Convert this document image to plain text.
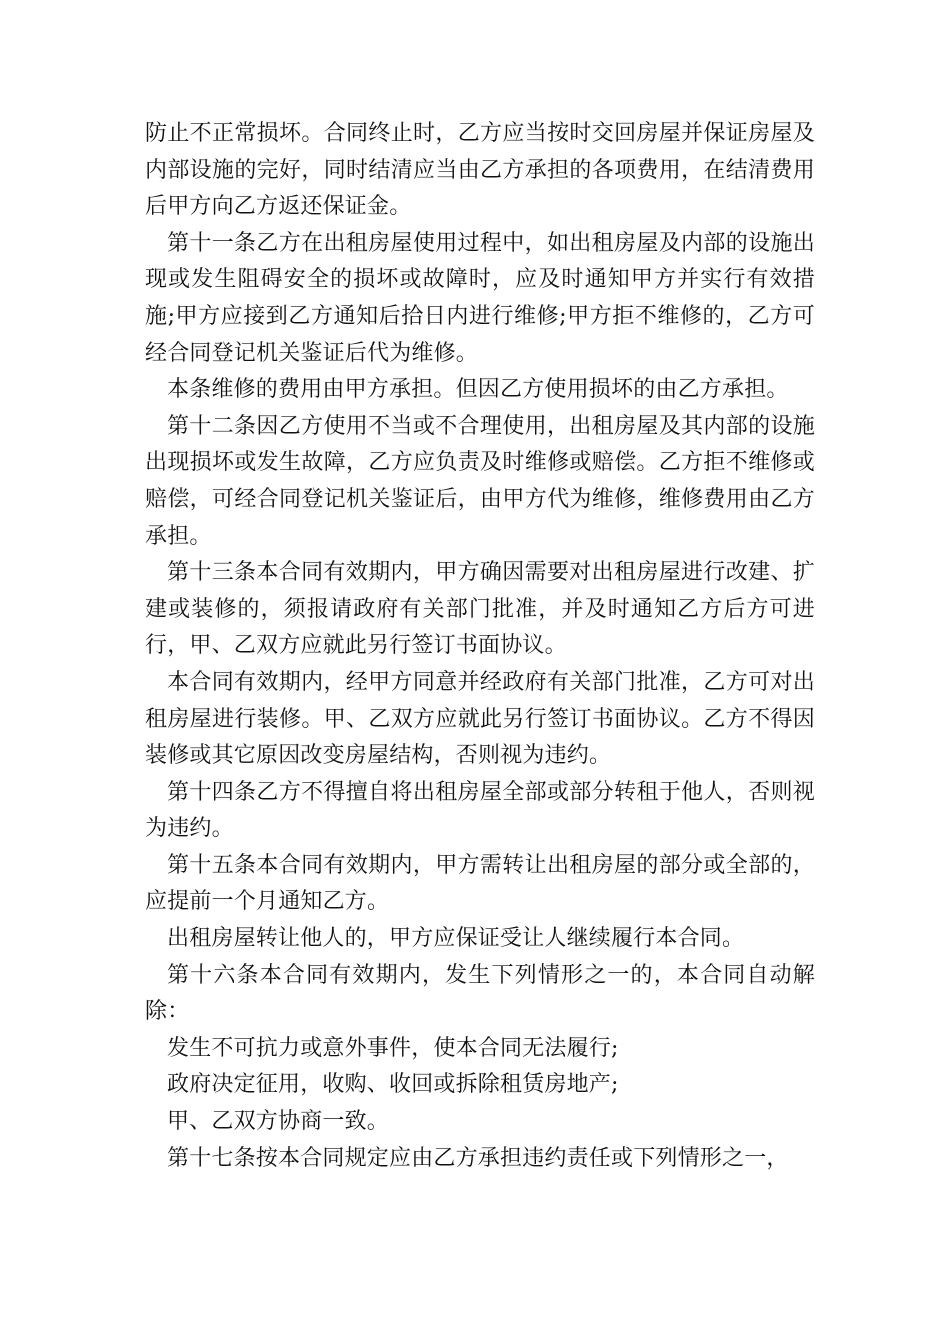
防止不正常损坏。合同终止时，乙方应当按时交回房屋并保证房屋及内部设施的完好，同时结清应当由乙方承担的各项费用，在结清费用后甲方向乙方返还保证金。

第十一条乙方在出租房屋使用过程中，如出租房屋及内部的设施出现或发生阻碍安全的损坏或故障时，应及时通知甲方并实行有效措施;甲方应接到乙方通知后拾日内进行维修;甲方拒不维修的，乙方可经合同登记机关鉴证后代为维修。

本条维修的费用由甲方承担。但因乙方使用损坏的由乙方承担。

第十二条因乙方使用不当或不合理使用，出租房屋及其内部的设施出现损坏或发生故障，乙方应负责及时维修或赔偿。乙方拒不维修或赔偿，可经合同登记机关鉴证后，由甲方代为维修，维修费用由乙方承担。

第十三条本合同有效期内，甲方确因需要对出租房屋进行改建、扩建或装修的，须报请政府有关部门批准，并及时通知乙方后方可进行，甲、乙双方应就此另行签订书面协议。

本合同有效期内，经甲方同意并经政府有关部门批准，乙方可对出租房屋进行装修。甲、乙双方应就此另行签订书面协议。乙方不得因装修或其它原因改变房屋结构，否则视为违约。

第十四条乙方不得擅自将出租房屋全部或部分转租于他人，否则视为违约。

第十五条本合同有效期内，甲方需转让出租房屋的部分或全部的，应提前一个月通知乙方。

出租房屋转让他人的，甲方应保证受让人继续履行本合同。

第十六条本合同有效期内，发生下列情形之一的，本合同自动解除：

发生不可抗力或意外事件，使本合同无法履行;

政府决定征用，收购、收回或拆除租赁房地产;

甲、乙双方协商一致。

第十七条按本合同规定应由乙方承担违约责任或下列情形之一，
